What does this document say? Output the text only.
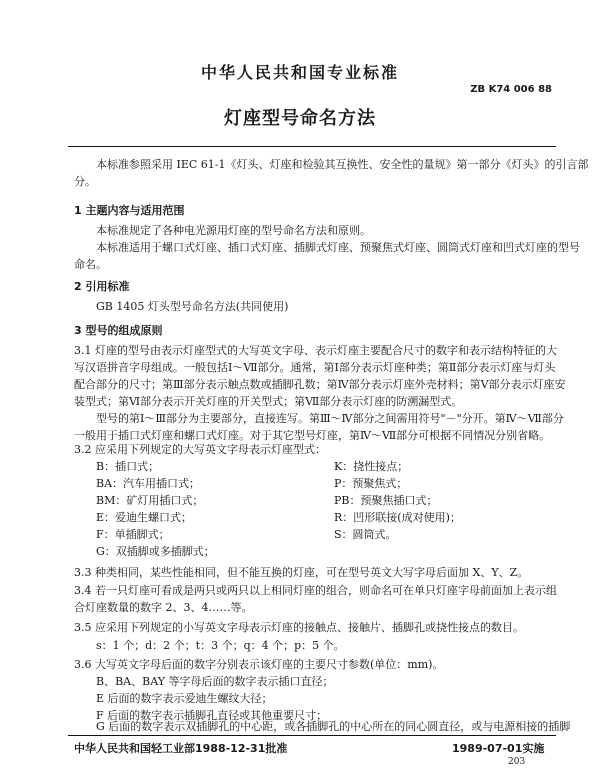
中华人民共和国专业标准
ZB K74 006 88
灯座型号命名方法
本标准参照采用 IEC 61-1《灯头、灯座和检验其互换性、安全性的量规》第一部分《灯头》的引言部
分。
1 主题内容与适用范围
本标准规定了各种电光源用灯座的型号命名方法和原则。
本标准适用于螺口式灯座、插口式灯座、插脚式灯座、预聚焦式灯座、圆筒式灯座和凹式灯座的型号
命名。
2 引用标准
GB 1405 灯头型号命名方法(共同使用)
3 型号的组成原则
3.1 灯座的型号由表示灯座型式的大写英文字母、表示灯座主要配合尺寸的数字和表示结构特征的大
写汉语拼音字母组成。一般包括Ⅰ～Ⅶ部分。通常，第Ⅰ部分表示灯座种类；第Ⅱ部分表示灯座与灯头
配合部分的尺寸；第Ⅲ部分表示触点数或插脚孔数；第Ⅳ部分表示灯座外壳材料；第Ⅴ部分表示灯座安
装型式；第Ⅵ部分表示开关灯座的开关型式；第Ⅶ部分表示灯座的防溯漏型式。
型号的第Ⅰ～Ⅲ部分为主要部分，直接连写。第Ⅲ～Ⅳ部分之间需用符号"－"分开。第Ⅳ～Ⅶ部分
一般用于插口式灯座和螺口式灯座。对于其它型号灯座，第Ⅳ～Ⅶ部分可根据不同情况分别省略。
3.2 应采用下列规定的大写英文字母表示灯座型式：
B：插口式；
BA：汽车用插口式；
BM：矿灯用插口式；
E：爱迪生螺口式；
F：单插脚式；
G：双插脚或多插脚式；
K：挠性接点；
P：预聚焦式；
PB：预聚焦插口式；
R：凹形联接(成对使用)；
S：圆筒式。
3.3 种类相同，某些性能相同，但不能互换的灯座，可在型号英文大写字母后面加 X、Y、Z。
3.4 若一只灯座可看成是两只或两只以上相同灯座的组合，则命名可在单只灯座字母前面加上表示组
合灯座数量的数字 2、3、4……等。
3.5 应采用下列规定的小写英文字母表示灯座的接触点、接触片、插脚孔或挠性接点的数目。
s：1 个；d：2 个；t：3 个；q：4 个；p：5 个。
3.6 大写英文字母后面的数字分别表示该灯座的主要尺寸参数(单位：mm)。
B、BA、BAY 等字母后面的数字表示插口直径；
E 后面的数字表示爱迪生螺纹大径；
F 后面的数字表示插脚孔直径或其他重要尺寸；
G 后面的数字表示双插脚孔的中心距，或各插脚孔的中心所在的同心圆直径，或与电源相接的插脚
中华人民共和国轻工业部1988-12-31批准	1989-07-01实施
203
